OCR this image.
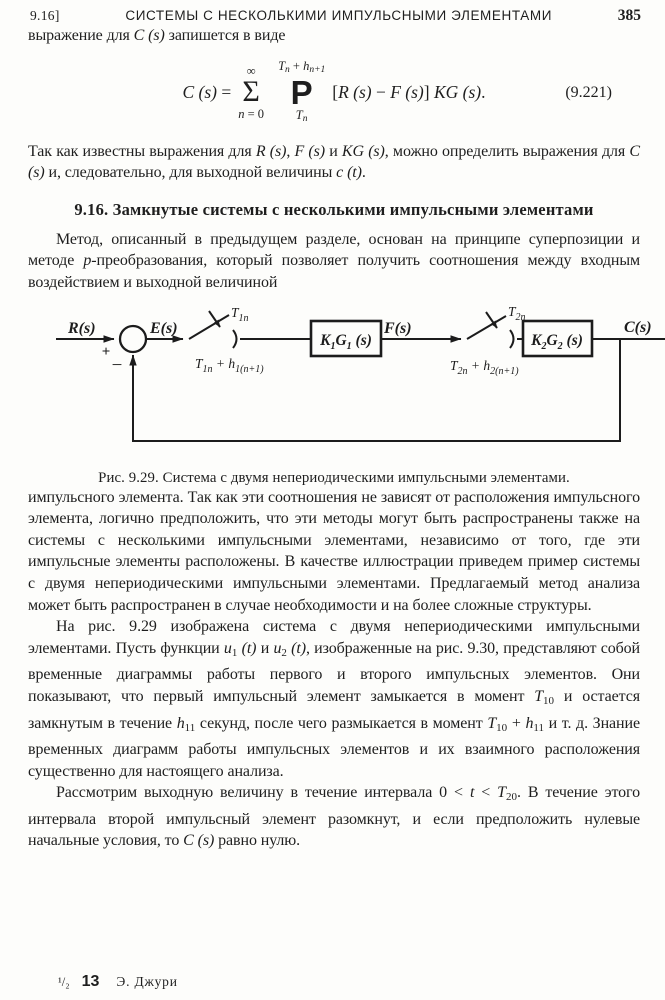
9.16]	СИСТЕМЫ С НЕСКОЛЬКИМИ ИМПУЛЬСНЫМИ ЭЛЕМЕНТАМИ	385

выражение для C (s) запишется в виде

C (s) =
∞
Σ
n = 0
Tn + hn+1
P
Tn
[R (s) − F (s)] KG (s).	(9.221)

Так как известны выражения для R (s), F (s) и KG (s), можно определить выражения для C (s) и, следовательно, для выходной величины c (t).

9.16. Замкнутые системы с несколькими импульсными элементами

Метод, описанный в предыдущем разделе, основан на принципе суперпозиции и методе p-преобразования, который позволяет получить соотношения между входным воздействием и выходной величиной

R(s)	E(s)	F(s)	C(s)
+
−
$T_{1n}$
$T_{1n} + h_{1(n+1)}$
$T_{2n}$
$T_{2n} + h_{2(n+1)}$
$K_1G_1$ (s)	$K_2G_2$ (s)
Рис. 9.29. Система с двумя непериодическими импульсными элементами.

импульсного элемента. Так как эти соотношения не зависят от расположения импульсного элемента, логично предположить, что эти методы могут быть распространены также на системы с несколькими импульсными элементами, независимо от того, где эти импульсные элементы расположены. В качестве иллюстрации приведем пример системы с двумя непериодическими импульсными элементами. Предлагаемый метод анализа может быть распространен в случае необходимости и на более сложные структуры.

На рис. 9.29 изображена система с двумя непериодическими импульсными элементами. Пусть функции u1 (t) и u2 (t), изображенные на рис. 9.30, представляют собой временные диаграммы работы первого и второго импульсных элементов. Они показывают, что первый импульсный элемент замыкается в момент T10 и остается замкнутым в течение h11 секунд, после чего размыкается в момент T10 + h11 и т. д. Знание временных диаграмм работы импульсных элементов и их взаимного расположения существенно для настоящего анализа.

Рассмотрим выходную величину в течение интервала 0 < t < T20. В течение этого интервала второй импульсный элемент разомкнут, и если предположить нулевые начальные условия, то C (s) равно нулю.

¹/₂ 13 Э. Джури
